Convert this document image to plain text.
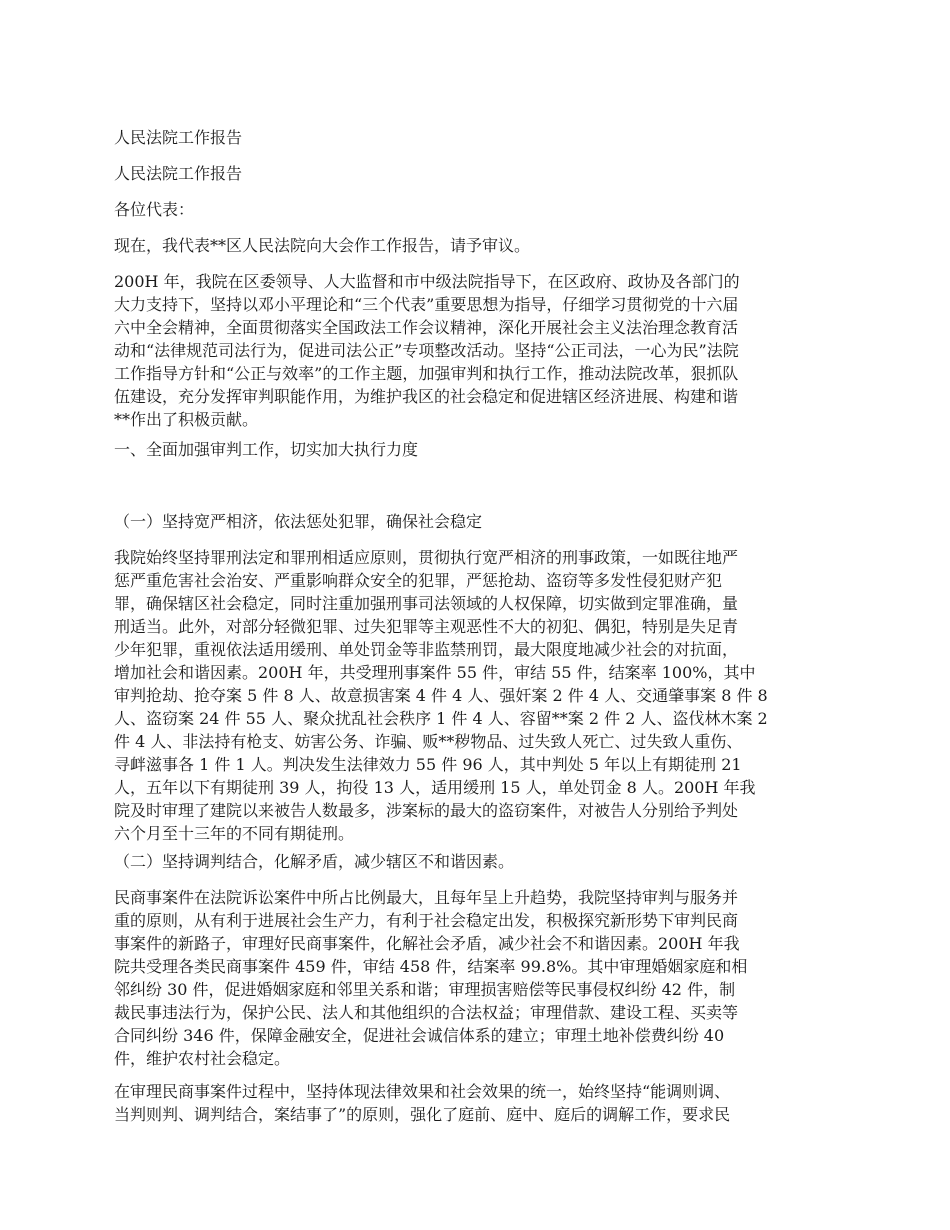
人民法院工作报告

人民法院工作报告

各位代表：

现在，我代表**区人民法院向大会作工作报告，请予审议。

200H 年，我院在区委领导、人大监督和市中级法院指导下，在区政府、政协及各部门的

大力支持下，坚持以邓小平理论和“三个代表”重要思想为指导，仔细学习贯彻党的十六届

六中全会精神，全面贯彻落实全国政法工作会议精神，深化开展社会主义法治理念教育活

动和“法律规范司法行为，促进司法公正”专项整改活动。坚持“公正司法，一心为民”法院

工作指导方针和“公正与效率”的工作主题，加强审判和执行工作，推动法院改革，狠抓队

伍建设，充分发挥审判职能作用，为维护我区的社会稳定和促进辖区经济进展、构建和谐

**作出了积极贡献。

一、全面加强审判工作，切实加大执行力度

（一）坚持宽严相济，依法惩处犯罪，确保社会稳定

我院始终坚持罪刑法定和罪刑相适应原则，贯彻执行宽严相济的刑事政策，一如既往地严

惩严重危害社会治安、严重影响群众安全的犯罪，严惩抢劫、盗窃等多发性侵犯财产犯

罪，确保辖区社会稳定，同时注重加强刑事司法领域的人权保障，切实做到定罪准确，量

刑适当。此外，对部分轻微犯罪、过失犯罪等主观恶性不大的初犯、偶犯，特别是失足青

少年犯罪，重视依法适用缓刑、单处罚金等非监禁刑罚，最大限度地减少社会的对抗面，

增加社会和谐因素。200H 年，共受理刑事案件 55 件，审结 55 件，结案率 100%，其中

审判抢劫、抢夺案 5 件 8 人、故意损害案 4 件 4 人、强奸案 2 件 4 人、交通肇事案 8 件 8

人、盗窃案 24 件 55 人、聚众扰乱社会秩序 1 件 4 人、容留**案 2 件 2 人、盗伐林木案 2

件 4 人、非法持有枪支、妨害公务、诈骗、贩**秽物品、过失致人死亡、过失致人重伤、

寻衅滋事各 1 件 1 人。判决发生法律效力 55 件 96 人，其中判处 5 年以上有期徒刑 21

人，五年以下有期徒刑 39 人，拘役 13 人，适用缓刑 15 人，单处罚金 8 人。200H 年我

院及时审理了建院以来被告人数最多，涉案标的最大的盗窃案件，对被告人分别给予判处

六个月至十三年的不同有期徒刑。

（二）坚持调判结合，化解矛盾，减少辖区不和谐因素。

民商事案件在法院诉讼案件中所占比例最大，且每年呈上升趋势，我院坚持审判与服务并

重的原则，从有利于进展社会生产力，有利于社会稳定出发，积极探究新形势下审判民商

事案件的新路子，审理好民商事案件，化解社会矛盾，减少社会不和谐因素。200H 年我

院共受理各类民商事案件 459 件，审结 458 件，结案率 99.8%。其中审理婚姻家庭和相

邻纠纷 30 件，促进婚姻家庭和邻里关系和谐；审理损害赔偿等民事侵权纠纷 42 件，制

裁民事违法行为，保护公民、法人和其他组织的合法权益；审理借款、建设工程、买卖等

合同纠纷 346 件，保障金融安全，促进社会诚信体系的建立；审理土地补偿费纠纷 40

件，维护农村社会稳定。

在审理民商事案件过程中，坚持体现法律效果和社会效果的统一，始终坚持“能调则调、

当判则判、调判结合，案结事了”的原则，强化了庭前、庭中、庭后的调解工作，要求民
